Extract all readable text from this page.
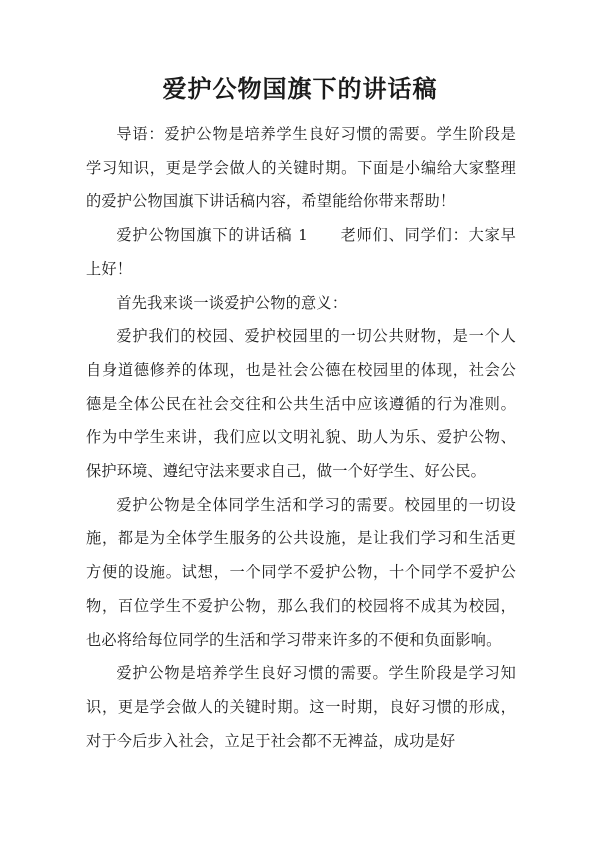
爱护公物国旗下的讲话稿

导语：爱护公物是培养学生良好习惯的需要。学生阶段是学习知识，更是学会做人的关键时期。下面是小编给大家整理的爱护公物国旗下讲话稿内容，希望能给你带来帮助！

爱护公物国旗下的讲话稿 1 老师们、同学们：大家早上好！

首先我来谈一谈爱护公物的意义：

爱护我们的校园、爱护校园里的一切公共财物，是一个人自身道德修养的体现，也是社会公德在校园里的体现，社会公德是全体公民在社会交往和公共生活中应该遵循的行为准则。作为中学生来讲，我们应以文明礼貌、助人为乐、爱护公物、保护环境、遵纪守法来要求自己，做一个好学生、好公民。

爱护公物是全体同学生活和学习的需要。校园里的一切设施，都是为全体学生服务的公共设施，是让我们学习和生活更方便的设施。试想，一个同学不爱护公物，十个同学不爱护公物，百位学生不爱护公物，那么我们的校园将不成其为校园，也必将给每位同学的生活和学习带来许多的不便和负面影响。

爱护公物是培养学生良好习惯的需要。学生阶段是学习知识，更是学会做人的关键时期。这一时期，良好习惯的形成，对于今后步入社会，立足于社会都不无裨益，成功是好
